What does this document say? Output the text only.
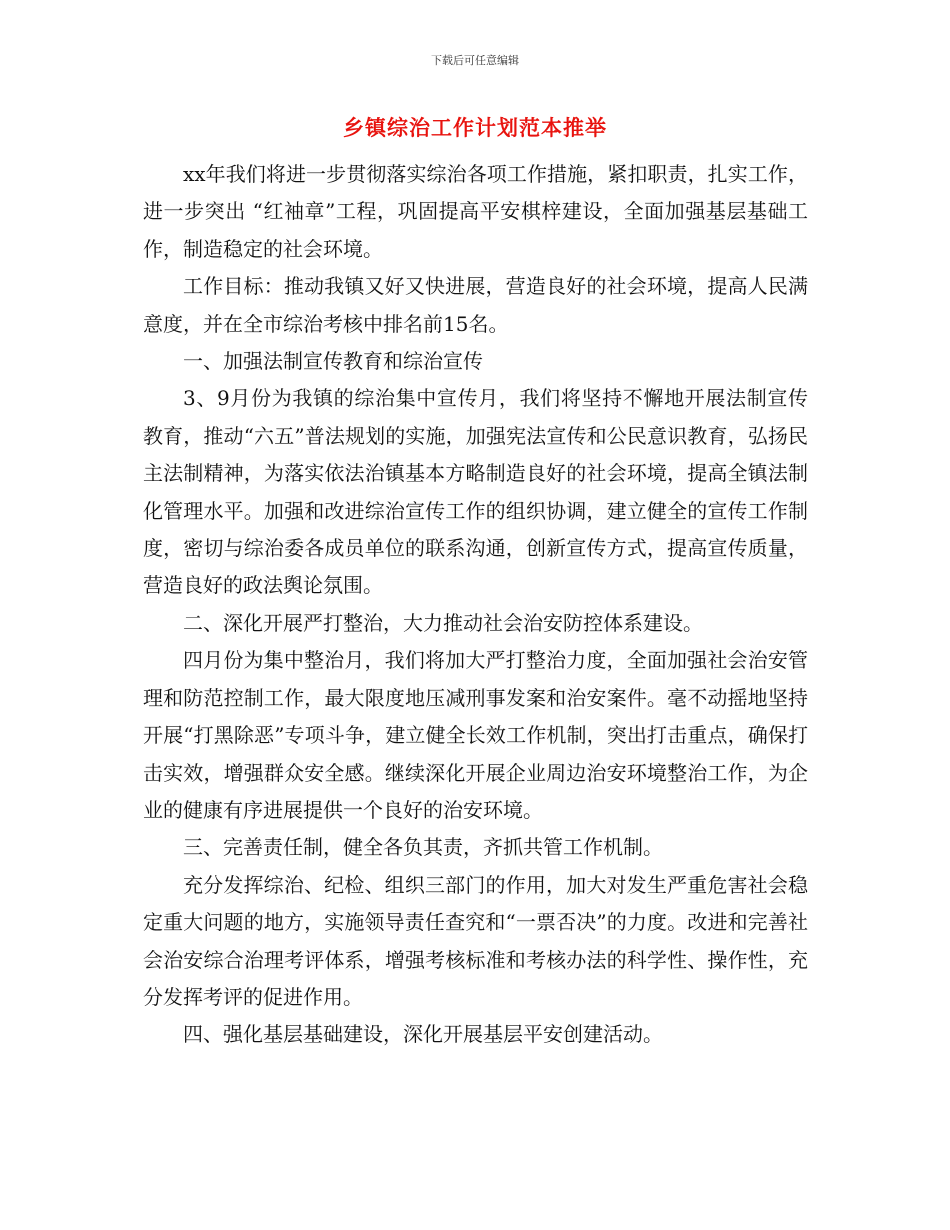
下载后可任意编辑
乡镇综治工作计划范本推举

xx年我们将进一步贯彻落实综治各项工作措施，紧扣职责，扎实工作，进一步突出 “红袖章”工程，巩固提高平安棋梓建设，全面加强基层基础工作，制造稳定的社会环境。

工作目标：推动我镇又好又快进展，营造良好的社会环境，提高人民满意度，并在全市综治考核中排名前15名。

一、加强法制宣传教育和综治宣传

3、9月份为我镇的综治集中宣传月，我们将坚持不懈地开展法制宣传教育，推动“六五”普法规划的实施，加强宪法宣传和公民意识教育，弘扬民主法制精神，为落实依法治镇基本方略制造良好的社会环境，提高全镇法制化管理水平。加强和改进综治宣传工作的组织协调，建立健全的宣传工作制度，密切与综治委各成员单位的联系沟通，创新宣传方式，提高宣传质量，营造良好的政法舆论氛围。

二、深化开展严打整治，大力推动社会治安防控体系建设。

四月份为集中整治月，我们将加大严打整治力度，全面加强社会治安管理和防范控制工作，最大限度地压减刑事发案和治安案件。毫不动摇地坚持开展“打黑除恶”专项斗争，建立健全长效工作机制，突出打击重点，确保打击实效，增强群众安全感。继续深化开展企业周边治安环境整治工作，为企业的健康有序进展提供一个良好的治安环境。

三、完善责任制，健全各负其责，齐抓共管工作机制。

充分发挥综治、纪检、组织三部门的作用，加大对发生严重危害社会稳定重大问题的地方，实施领导责任查究和“一票否决”的力度。改进和完善社会治安综合治理考评体系，增强考核标准和考核办法的科学性、操作性，充分发挥考评的促进作用。

四、强化基层基础建设，深化开展基层平安创建活动。
